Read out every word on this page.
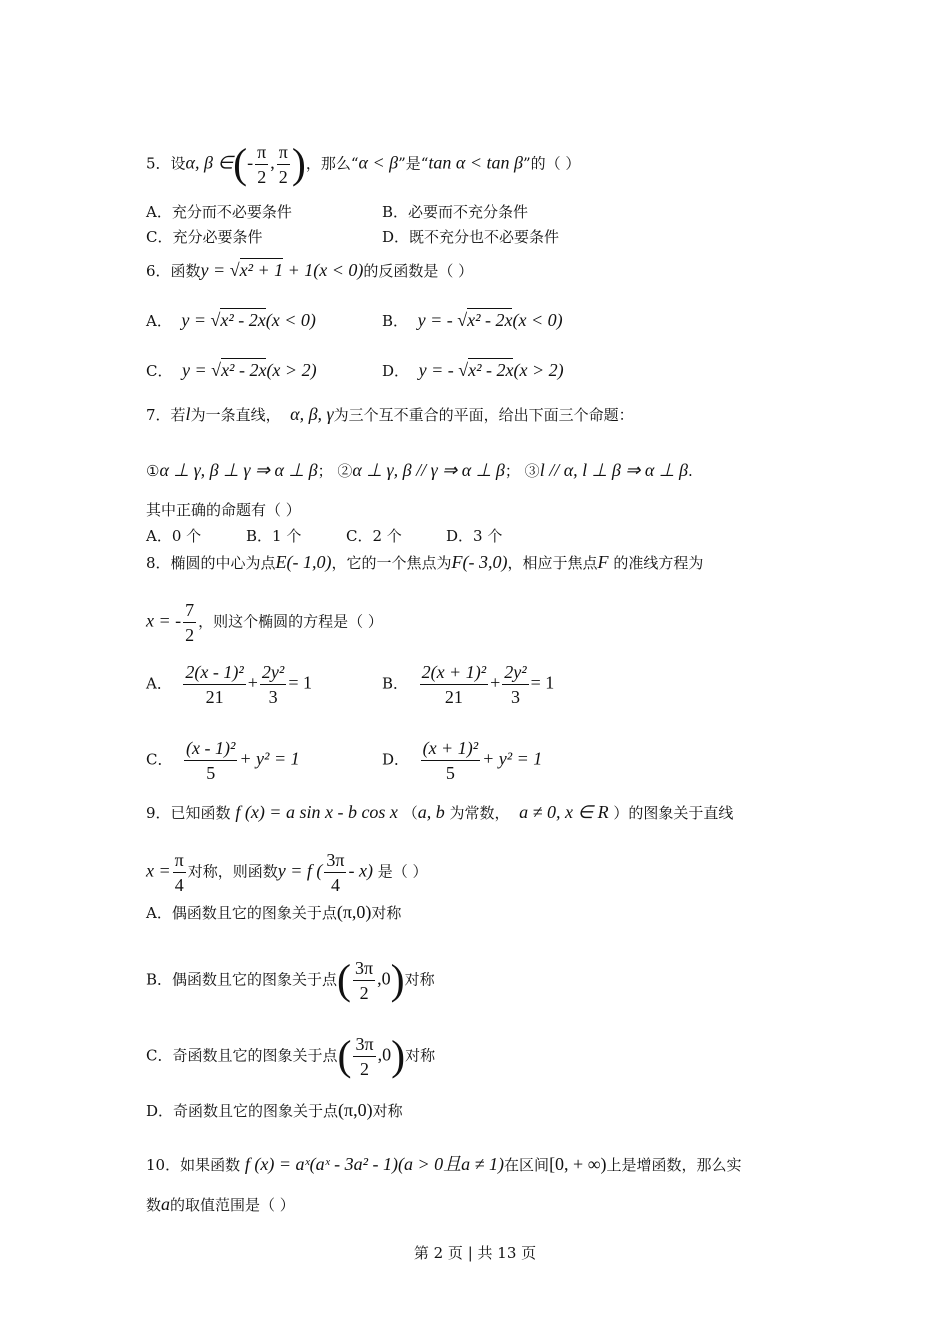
5．设α, β ∈(- $\frac{\pi}{2}$ , $\frac{\pi}{2}$ )，那么“α < β”是“tan α < tan β”的（ ）
A．充分而不必要条件	B．必要而不充分条件
C．充分必要条件	D．既不充分也不必要条件
6．函数y = √x² + 1 + 1(x < 0)的反函数是（ ）
A． y = √x² - 2x(x < 0)	B． y = - √x² - 2x(x < 0)
C． y = √x² - 2x(x > 2)	D． y = - √x² - 2x(x > 2)
7．若l为一条直线， α, β, γ为三个互不重合的平面，给出下面三个命题：
①α ⊥ γ, β ⊥ γ ⇒ α ⊥ β； ②α ⊥ γ, β // γ ⇒ α ⊥ β； ③l // α, l ⊥ β ⇒ α ⊥ β.
其中正确的命题有（ ）
A．0 个	B．1 个	C．2 个	D．3 个
8．椭圆的中心为点E(- 1,0)，它的一个焦点为F(- 3,0)，相应于焦点F 的准线方程为
x = - $\frac{7}{2}$ ，则这个椭圆的方程是（ ）
A． $\frac{\text{2(x - 1)²}}{21} + \frac{\text{2y²}}{3} = 1$	B． $\frac{\text{2(x + 1)²}}{21} + \frac{\text{2y²}}{3} = 1$
C． $\frac{\text{(x - 1)²}}{5} + y^2 = 1$	D． $\frac{\text{(x + 1)²}}{5} + y^2 = 1$
9．已知函数 f (x) = a sin x - b cos x （a, b 为常数， a ≠ 0, x ∈ R ）的图象关于直线
$x = \frac{\pi}{4}$ 对称，则函数y = f ( $\frac{3\pi}{4} - x$) 是（ ）
A．偶函数且它的图象关于点(π,0)对称
B．偶函数且它的图象关于点( $\frac{3\pi}{2} ,0$)对称
C．奇函数且它的图象关于点( $\frac{3\pi}{2} ,0$)对称
D．奇函数且它的图象关于点(π,0)对称
10．如果函数 f (x) = aˣ(aˣ - 3a² - 1)(a > 0且a ≠ 1)在区间[0, + ∞)上是增函数，那么实
数a的取值范围是（ ）
第 2 页 | 共 13 页
